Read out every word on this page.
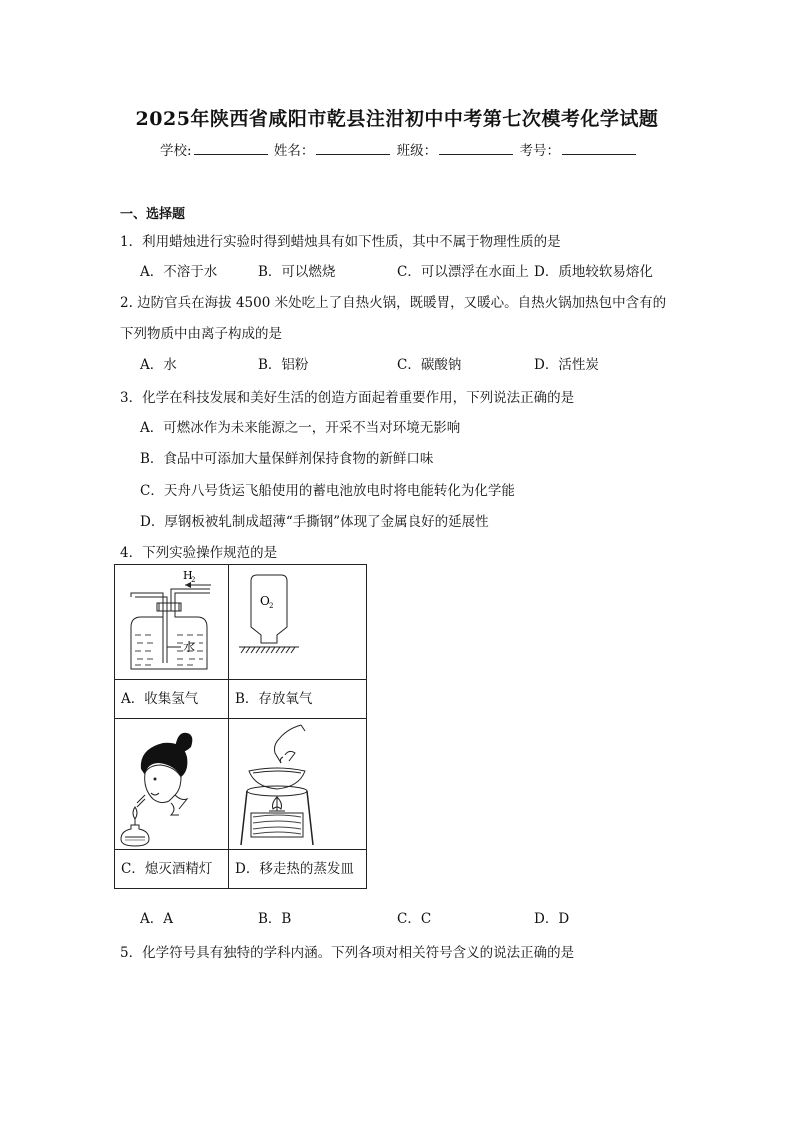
2025年陕西省咸阳市乾县注泔初中中考第七次模考化学试题
学校:	姓名：	班级：	考号：
一、选择题
1．利用蜡烛进行实验时得到蜡烛具有如下性质，其中不属于物理性质的是
A．不溶于水	B．可以燃烧	C．可以漂浮在水面上 D．质地较软易熔化
2. 边防官兵在海拔 4500 米处吃上了自热火锅，既暖胃，又暖心。自热火锅加热包中含有的
下列物质中由离子构成的是
A．水	B．铝粉	C．碳酸钠	D．活性炭
3．化学在科技发展和美好生活的创造方面起着重要作用，下列说法正确的是
A．可燃冰作为未来能源之一，开采不当对环境无影响
B．食品中可添加大量保鲜剂保持食物的新鲜口味
C．天舟八号货运飞船使用的蓄电池放电时将电能转化为化学能
D．厚钢板被轧制成超薄“手撕钢”体现了金属良好的延展性
4．下列实验操作规范的是
H
2
水	O 2

A．收集氢气	B．存放氧气

C．熄灭酒精灯	D．移走热的蒸发皿
A．A	B．B	C．C	D．D
5．化学符号具有独特的学科内涵。下列各项对相关符号含义的说法正确的是
